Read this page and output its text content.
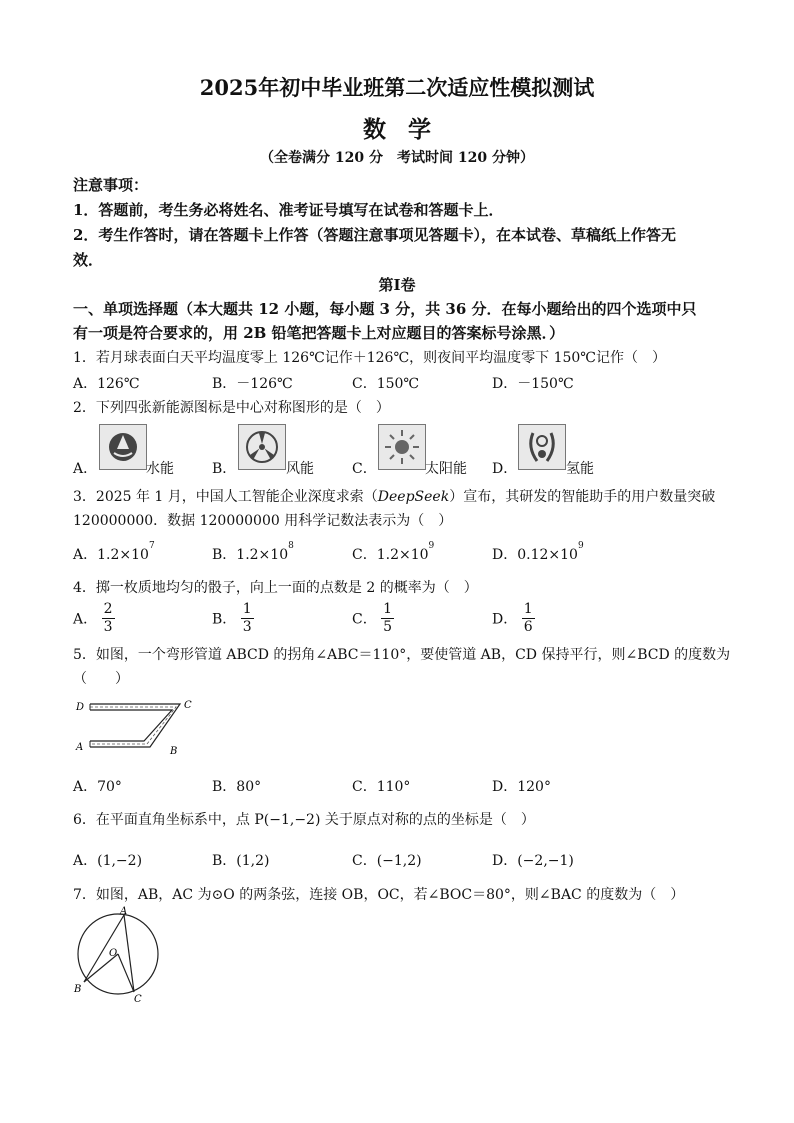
2025年初中毕业班第二次适应性模拟测试
数学
（全卷满分 120 分　考试时间 120 分钟）
注意事项：
1．答题前，考生务必将姓名、准考证号填写在试卷和答题卡上．
2．考生作答时，请在答题卡上作答（答题注意事项见答题卡），在本试卷、草稿纸上作答无
效．
第Ⅰ卷
一、单项选择题（本大题共 12 小题，每小题 3 分，共 36 分．在每小题给出的四个选项中只
有一项是符合要求的，用 2B 铅笔把答题卡上对应题目的答案标号涂黑．）
1．若月球表面白天平均温度零上 126℃记作＋126℃，则夜间平均温度零下 150℃记作（　）
A．126℃	B．－126℃	C．150℃	D．－150℃
2．下列四张新能源图标是中心对称图形的是（　）
A．	水能	B．	风能	C．	太阳能 D．	氢能
3．2025 年 1 月，中国人工智能企业深度求索（DeepSeek）宣布，其研发的智能助手的用户数量突破
120000000．数据 120000000 用科学记数法表示为（　）
A．$1.2\times 10^7$
B．$1.2\times 10^8$
C．$1.2\times 10^9$
D．$0.12\times 10^9$
4．掷一枚质地均匀的骰子，向上一面的点数是 2 的概率为（　）
A． $\frac{2}{3}$	B． $\frac{1}{3}$	C． $\frac{1}{5}$	D． $\frac{1}{6}$
5．如图，一个弯形管道 ABCD 的拐角∠ABC＝110°，要使管道 AB，CD 保持平行，则∠BCD 的度数为
（　　）
D	C
A	B
A．70°	B．80°	C．110°	D．120°
6．在平面直角坐标系中，点 P(−1,−2) 关于原点对称的点的坐标是（　）
A．(1,−2)	B．(1,2)	C．(−1,2)	D．(−2,−1)
7．如图，AB，AC 为⊙O 的两条弦，连接 OB，OC，若∠BOC＝80°，则∠BAC 的度数为（　）
A
O
B
C
